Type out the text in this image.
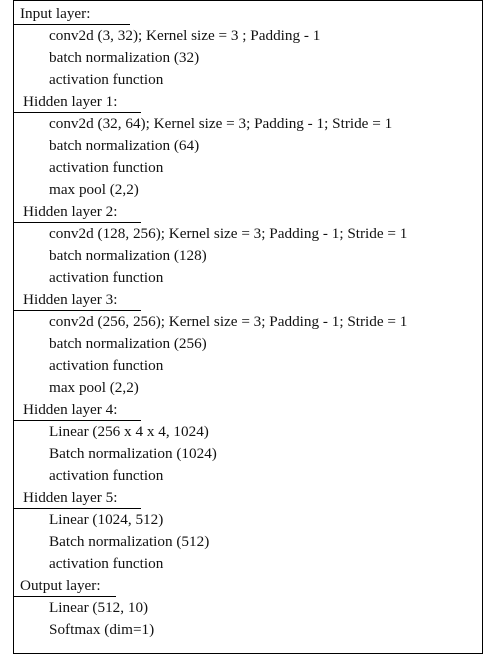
Input layer:
conv2d (3, 32); Kernel size = 3 ; Padding - 1
batch normalization (32)
activation function
Hidden layer 1:
conv2d (32, 64); Kernel size = 3; Padding - 1; Stride = 1
batch normalization (64)
activation function
max pool (2,2)
Hidden layer 2:
conv2d (128, 256); Kernel size = 3; Padding - 1; Stride = 1
batch normalization (128)
activation function
Hidden layer 3:
conv2d (256, 256); Kernel size = 3; Padding - 1; Stride = 1
batch normalization (256)
activation function
max pool (2,2)
Hidden layer 4:
Linear (256 x 4 x 4, 1024)
Batch normalization (1024)
activation function
Hidden layer 5:
Linear (1024, 512)
Batch normalization (512)
activation function
Output layer:
Linear (512, 10)
Softmax (dim=1)
